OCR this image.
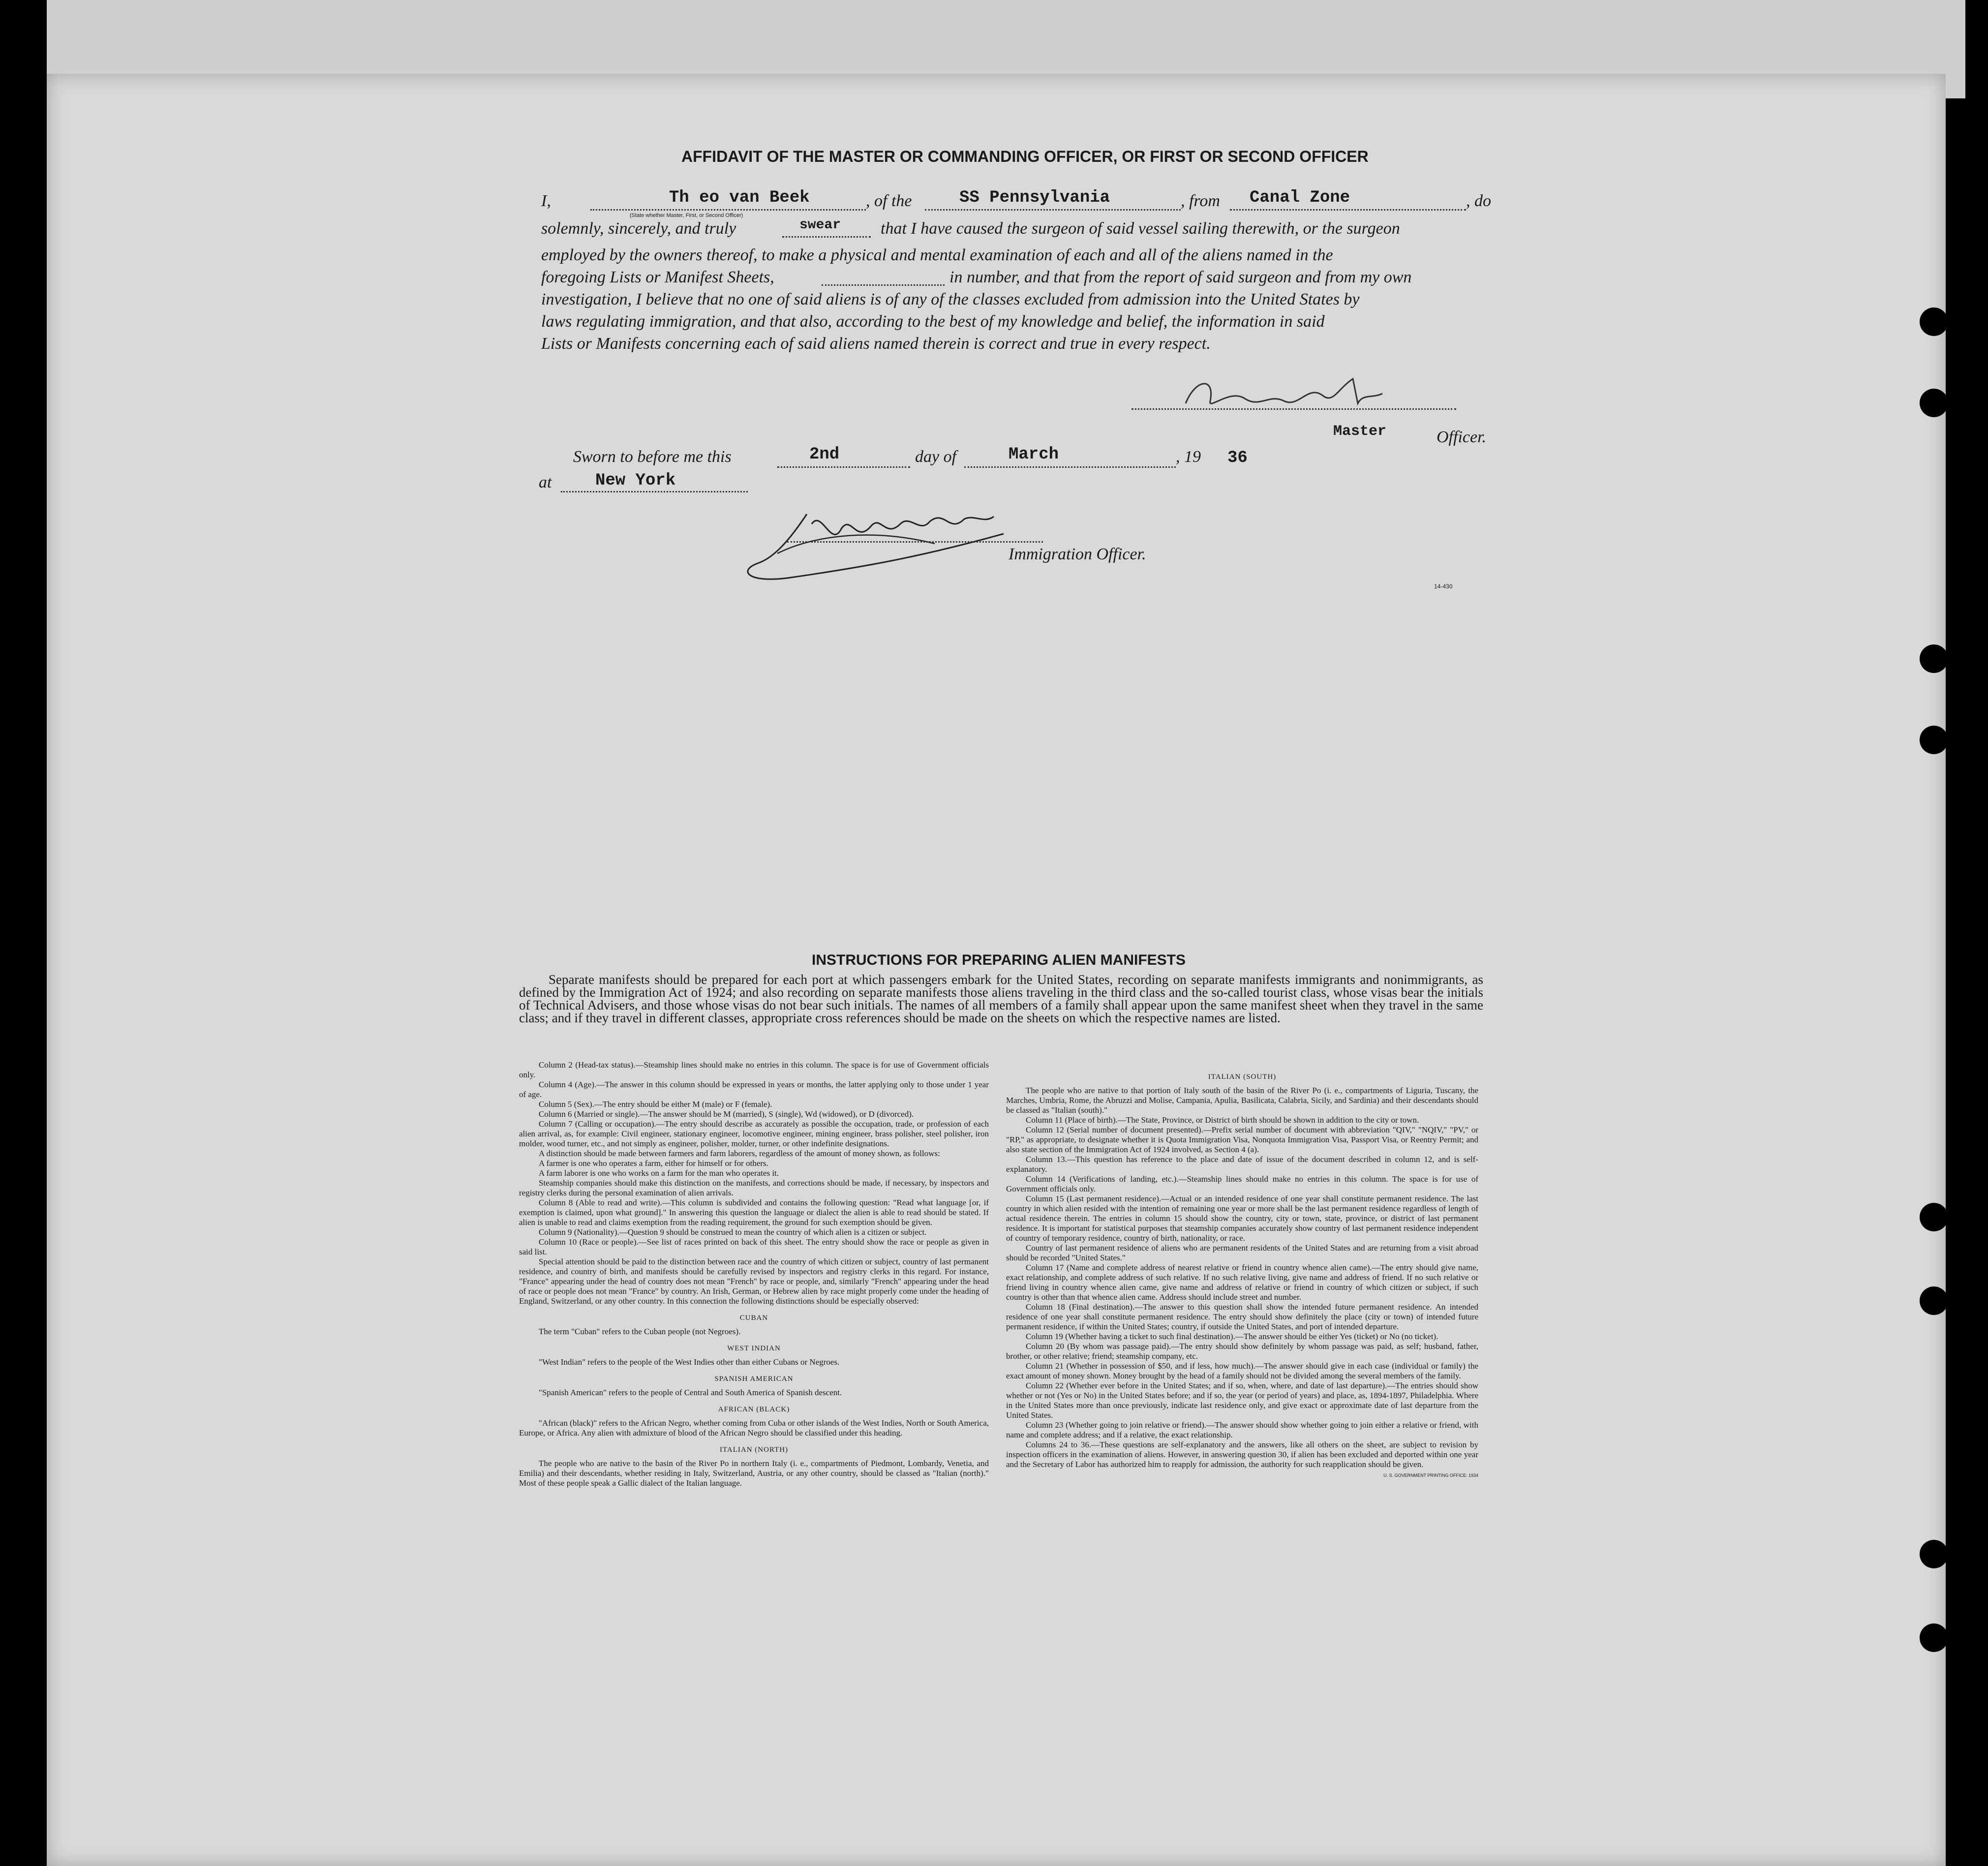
AFFIDAVIT OF THE MASTER OR COMMANDING OFFICER, OR FIRST OR SECOND OFFICER
I,	Th eo van Beek
(State whether Master, First, or Second Officer)
, of the	SS Pennsylvania	, from Canal Zone	, do
solemnly, sincerely, and truly	swear that I have caused the surgeon of said vessel sailing therewith, or the surgeon
employed by the owners thereof, to make a physical and mental examination of each and all of the aliens named in the
foregoing Lists or Manifest Sheets,	in number, and that from the report of said surgeon and from my own
investigation, I believe that no one of said aliens is of any of the classes excluded from admission into the United States by
laws regulating immigration, and that also, according to the best of my knowledge and belief, the information in said
Lists or Manifests concerning each of said aliens named therein is correct and true in every respect.
Master	Officer.
Sworn to before me this	2nd	day of	March	, 19 36
at	New York
Immigration Officer.
14-430
INSTRUCTIONS FOR PREPARING ALIEN MANIFESTS
Separate manifests should be prepared for each port at which passengers embark for the United States, recording on separate manifests immigrants and nonimmigrants, as defined by the Immigration Act of 1924; and also recording on separate manifests those aliens traveling in the third class and the so-called tourist class, whose visas bear the initials of Technical Advisers, and those whose visas do not bear such initials. The names of all members of a family shall appear upon the same manifest sheet when they travel in the same class; and if they travel in different classes, appropriate cross references should be made on the sheets on which the respective names are listed.

Column 2 (Head-tax status).—Steamship lines should make no entries in this column. The space is for use of Government officials only.

Column 4 (Age).—The answer in this column should be expressed in years or months, the latter applying only to those under 1 year of age.

Column 5 (Sex).—The entry should be either M (male) or F (female).

Column 6 (Married or single).—The answer should be M (married), S (single), Wd (widowed), or D (divorced).

Column 7 (Calling or occupation).—The entry should describe as accurately as possible the occupation, trade, or profession of each alien arrival, as, for example: Civil engineer, stationary engineer, locomotive engineer, mining engineer, brass polisher, steel polisher, iron molder, wood turner, etc., and not simply as engineer, polisher, molder, turner, or other indefinite designations.

A distinction should be made between farmers and farm laborers, regardless of the amount of money shown, as follows:

A farmer is one who operates a farm, either for himself or for others.

A farm laborer is one who works on a farm for the man who operates it.

Steamship companies should make this distinction on the manifests, and corrections should be made, if necessary, by inspectors and registry clerks during the personal examination of alien arrivals.

Column 8 (Able to read and write).—This column is subdivided and contains the following question: "Read what language [or, if exemption is claimed, upon what ground]." In answering this question the language or dialect the alien is able to read should be stated. If alien is unable to read and claims exemption from the reading requirement, the ground for such exemption should be given.

Column 9 (Nationality).—Question 9 should be construed to mean the country of which alien is a citizen or subject.

Column 10 (Race or people).—See list of races printed on back of this sheet. The entry should show the race or people as given in said list.

Special attention should be paid to the distinction between race and the country of which citizen or subject, country of last permanent residence, and country of birth, and manifests should be carefully revised by inspectors and registry clerks in this regard. For instance, "France" appearing under the head of country does not mean "French" by race or people, and, similarly "French" appearing under the head of race or people does not mean "France" by country. An Irish, German, or Hebrew alien by race might properly come under the heading of England, Switzerland, or any other country. In this connection the following distinctions should be especially observed:

CUBAN

The term "Cuban" refers to the Cuban people (not Negroes).

WEST INDIAN

"West Indian" refers to the people of the West Indies other than either Cubans or Negroes.

SPANISH AMERICAN

"Spanish American" refers to the people of Central and South America of Spanish descent.

AFRICAN (BLACK)

"African (black)" refers to the African Negro, whether coming from Cuba or other islands of the West Indies, North or South America, Europe, or Africa. Any alien with admixture of blood of the African Negro should be classified under this heading.

ITALIAN (NORTH)

The people who are native to the basin of the River Po in northern Italy (i. e., compartments of Piedmont, Lombardy, Venetia, and Emilia) and their descendants, whether residing in Italy, Switzerland, Austria, or any other country, should be classed as "Italian (north)." Most of these people speak a Gallic dialect of the Italian language.

ITALIAN (SOUTH)

The people who are native to that portion of Italy south of the basin of the River Po (i. e., compartments of Liguria, Tuscany, the Marches, Umbria, Rome, the Abruzzi and Molise, Campania, Apulia, Basilicata, Calabria, Sicily, and Sardinia) and their descendants should be classed as "Italian (south)."

Column 11 (Place of birth).—The State, Province, or District of birth should be shown in addition to the city or town.

Column 12 (Serial number of document presented).—Prefix serial number of document with abbreviation "QIV," "NQIV," "PV," or "RP," as appropriate, to designate whether it is Quota Immigration Visa, Nonquota Immigration Visa, Passport Visa, or Reentry Permit; and also state section of the Immigration Act of 1924 involved, as Section 4 (a).

Column 13.—This question has reference to the place and date of issue of the document described in column 12, and is self-explanatory.

Column 14 (Verifications of landing, etc.).—Steamship lines should make no entries in this column. The space is for use of Government officials only.

Column 15 (Last permanent residence).—Actual or an intended residence of one year shall constitute permanent residence. The last country in which alien resided with the intention of remaining one year or more shall be the last permanent residence regardless of length of actual residence therein. The entries in column 15 should show the country, city or town, state, province, or district of last permanent residence. It is important for statistical purposes that steamship companies accurately show country of last permanent residence independent of country of temporary residence, country of birth, nationality, or race.

Country of last permanent residence of aliens who are permanent residents of the United States and are returning from a visit abroad should be recorded "United States."

Column 17 (Name and complete address of nearest relative or friend in country whence alien came).—The entry should give name, exact relationship, and complete address of such relative. If no such relative living, give name and address of friend. If no such relative or friend living in country whence alien came, give name and address of relative or friend in country of which citizen or subject, if such country is other than that whence alien came. Address should include street and number.

Column 18 (Final destination).—The answer to this question shall show the intended future permanent residence. An intended residence of one year shall constitute permanent residence. The entry should show definitely the place (city or town) of intended future permanent residence, if within the United States; country, if outside the United States, and port of intended departure.

Column 19 (Whether having a ticket to such final destination).—The answer should be either Yes (ticket) or No (no ticket).

Column 20 (By whom was passage paid).—The entry should show definitely by whom passage was paid, as self; husband, father, brother, or other relative; friend; steamship company, etc.

Column 21 (Whether in possession of $50, and if less, how much).—The answer should give in each case (individual or family) the exact amount of money shown. Money brought by the head of a family should not be divided among the several members of the family.

Column 22 (Whether ever before in the United States; and if so, when, where, and date of last departure).—The entries should show whether or not (Yes or No) in the United States before; and if so, the year (or period of years) and place, as, 1894-1897, Philadelphia. Where in the United States more than once previously, indicate last residence only, and give exact or approximate date of last departure from the United States.

Column 23 (Whether going to join relative or friend).—The answer should show whether going to join either a relative or friend, with name and complete address; and if a relative, the exact relationship.

Columns 24 to 36.—These questions are self-explanatory and the answers, like all others on the sheet, are subject to revision by inspection officers in the examination of aliens. However, in answering question 30, if alien has been excluded and deported within one year and the Secretary of Labor has authorized him to reapply for admission, the authority for such reapplication should be given.

U. S. GOVERNMENT PRINTING OFFICE: 1934
